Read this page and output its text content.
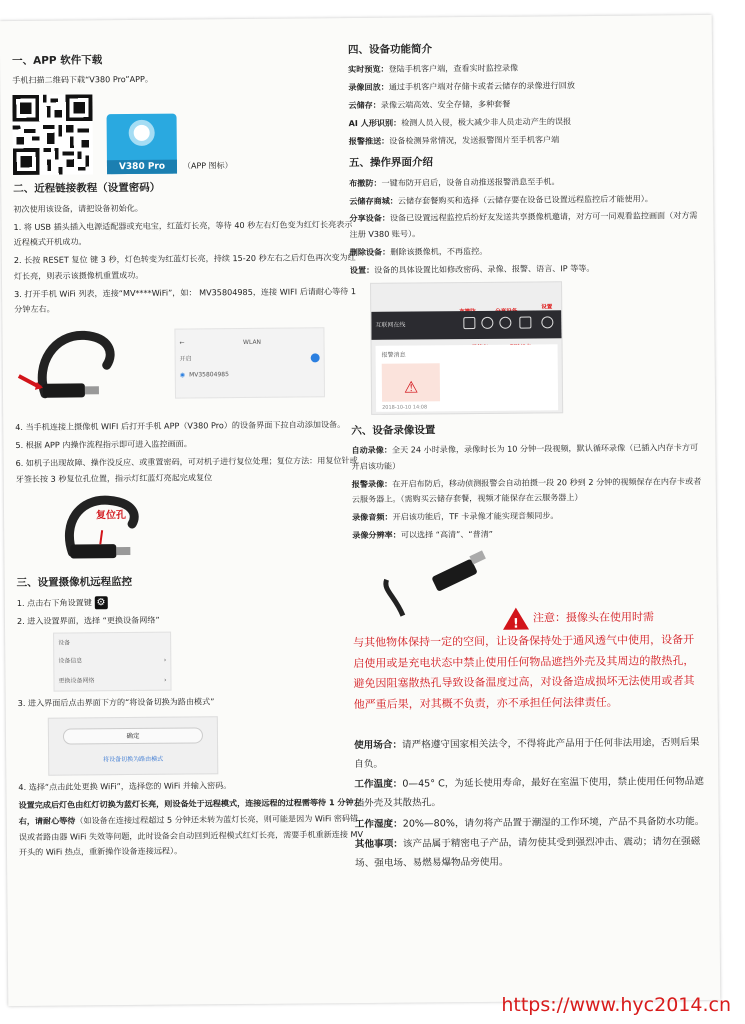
一、APP 软件下载

手机扫描二维码下载“V380 Pro”APP。

V380 Pro	（APP 图标）
二、近程链接教程（设置密码）

初次使用该设备，请把设备初始化。

1. 将 USB 插头插入电源适配器或充电宝，红蓝灯长亮，等待 40 秒左右灯色变为红灯长亮表示近程模式开机成功。

2. 长按 RESET 复位 键 3 秒，灯色转变为红蓝灯长亮，持续 15-20 秒左右之后灯色再次变为红灯长亮，则表示该摄像机重置成功。

3. 打开手机 WiFi 列表，连接“MV****WiFi”，如： MV35804985，连接 WIFI 后请耐心等待 1 分钟左右。

←	WLAN
开启
◉ MV35804985

4. 当手机连接上摄像机 WIFI 后打开手机 APP（V380 Pro）的设备界面下拉自动添加设备。

5. 根据 APP 内操作流程指示即可进入监控画面。

6. 如机子出现故障、操作没反应、或重置密码，可对机子进行复位处理；复位方法：用复位针或牙签长按 3 秒复位孔位置，指示灯红蓝灯亮起完成复位

复位孔
三、设置摄像机远程监控

1. 点击右下角设置键 ⚙

2. 进入设置界面，选择 “更换设备网络”

设备
设备信息	›
更换设备网络	›

3. 进入界面后点击界面下方的“将设备切换为路由模式”

确定
将设备切换为路由模式

4. 选择“点击此处更换 WiFi”，选择您的 WiFi 并输入密码。

设置完成后灯色由红灯切换为蓝灯长亮，则设备处于远程模式，连接远程的过程需等待 1 分钟左右，请耐心等待（如设备在连接过程超过 5 分钟还未转为蓝灯长亮，则可能是因为 WiFi 密码错误或者路由器 WiFi 失效等问题，此时设备会自动回到近程模式红灯长亮，需要手机重新连接 MV 开头的 WiFi 热点，重新操作设备连接远程）。

四、设备功能简介

实时预览：登陆手机客户端，查看实时监控录像

录像回放：通过手机客户端对存储卡或者云储存的录像进行回放

云储存：录像云端高效、安全存储，多种套餐

AI 人形识别：检测人员入侵，极大减少非人员走动产生的误报

报警推送：设备检测异常情况，发送报警图片至手机客户端

五、操作界面介绍

布撤防：一键布防开启后，设备自动推送报警消息至手机。

云储存商城：云储存套餐购买和选择（云储存要在设备已设置远程监控后才能使用）。

分享设备：设备已设置远程监控后纷好友发送共享摄像机邀请，对方可一同观看监控画面（对方需注册 V380 账号）。

删除设备：删除该摄像机，不再监控。

设置：设备的具体设置比如修改密码、录像、报警、语言、IP 等等。

设置
互联网在线
报警消息
⚠
2018-10-10 14:08
六、设备录像设置

自动录像：全天 24 小时录像，录像时长为 10 分钟一段视频，默认循环录像（已插入内存卡方可开启该功能）

报警录像：在开启布防后，移动侦测报警会自动拍摄一段 20 秒到 2 分钟的视频保存在内存卡或者云服务器上。（需购买云储存套餐，视频才能保存在云服务器上）

录像音频：开启该功能后，TF 卡录像才能实现音频同步。

录像分辨率：可以选择 “高清”、“普清”

! 注意：摄像头在使用时需

与其他物体保持一定的空间，让设备保持处于通风透气中使用，设备开启使用或是充电状态中禁止使用任何物品遮挡外壳及其周边的散热孔，避免因阻塞散热孔导致设备温度过高，对设备造成损坏无法使用或者其他严重后果，对其概不负责，亦不承担任何法律责任。

使用场合：请严格遵守国家相关法令，不得将此产品用于任何非法用途，否则后果自负。

工作温度：0—45° C，为延长使用寿命，最好在室温下使用，禁止使用任何物品遮挡外壳及其散热孔。

工作湿度：20%—80%，请勿将产品置于潮湿的工作环境，产品不具备防水功能。

其他事项：该产品属于精密电子产品，请勿使其受到强烈冲击、震动；请勿在强磁场、强电场、易燃易爆物品旁使用。

https://www.hyc2014.cn
